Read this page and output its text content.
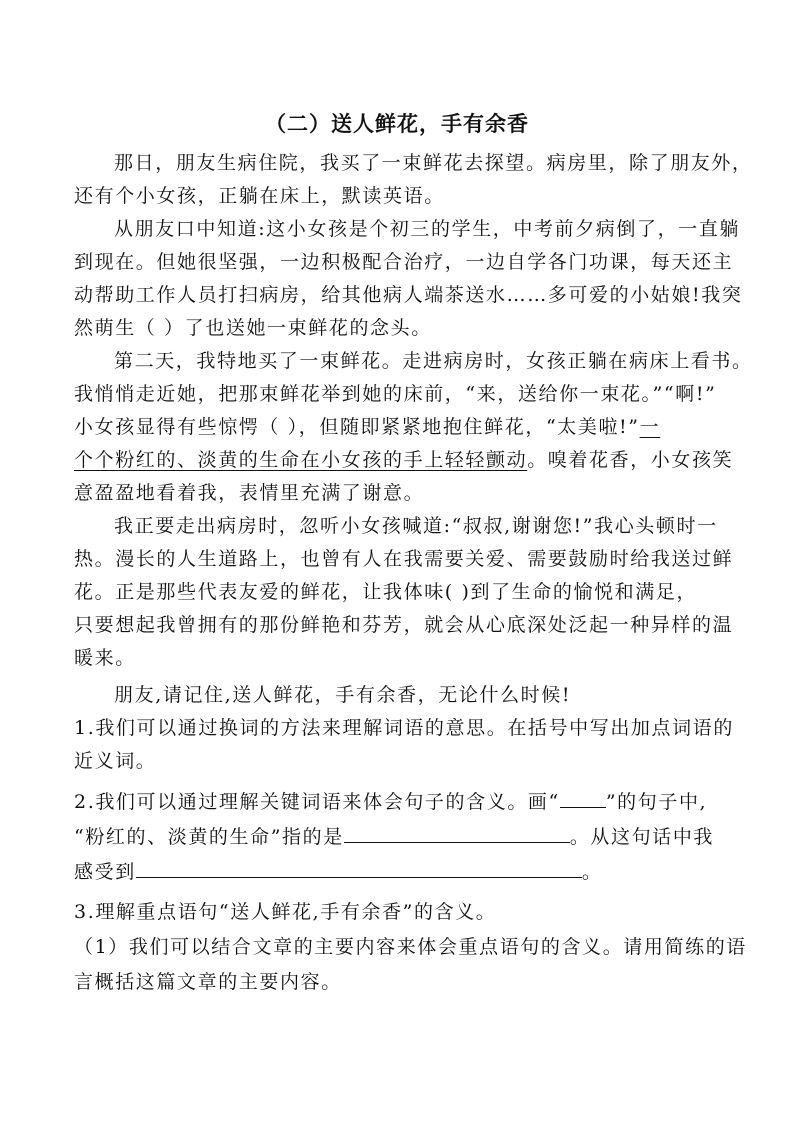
（二）送人鲜花，手有余香
那日，朋友生病住院，我买了一束鲜花去探望。病房里，除了朋友外，
还有个小女孩，正躺在床上，默读英语。
从朋友口中知道:这小女孩是个初三的学生，中考前夕病倒了，一直躺
到现在。但她很坚强，一边积极配合治疗，一边自学各门功课，每天还主
动帮助工作人员打扫病房，给其他病人端茶送水……多可爱的小姑娘!我突
然萌生（ ）了也送她一束鲜花的念头。
第二天，我特地买了一束鲜花。走进病房时，女孩正躺在病床上看书。
我悄悄走近她，把那束鲜花举到她的床前，“来，送给你一束花。”“啊!”
小女孩显得有些惊愕（ ），但随即紧紧地抱住鲜花，“太美啦!”一
个个粉红的、淡黄的生命在小女孩的手上轻轻颤动。嗅着花香，小女孩笑
意盈盈地看着我，表情里充满了谢意。
我正要走出病房时，忽听小女孩喊道:“叔叔,谢谢您!”我心头顿时一
热。漫长的人生道路上，也曾有人在我需要关爱、需要鼓励时给我送过鲜
花。正是那些代表友爱的鲜花，让我体味( )到了生命的愉悦和满足，
只要想起我曾拥有的那份鲜艳和芬芳，就会从心底深处泛起一种异样的温
暖来。
朋友,请记住,送人鲜花，手有余香，无论什么时候!
1.我们可以通过换词的方法来理解词语的意思。在括号中写出加点词语的
近义词。
2.我们可以通过理解关键词语来体会句子的含义。画“ ”的句子中,
“粉红的、淡黄的生命”指的是	。从这句话中我
感受到	。
3.理解重点语句“送人鲜花,手有余香”的含义。
（1）我们可以结合文章的主要内容来体会重点语句的含义。请用简练的语
言概括这篇文章的主要内容。
